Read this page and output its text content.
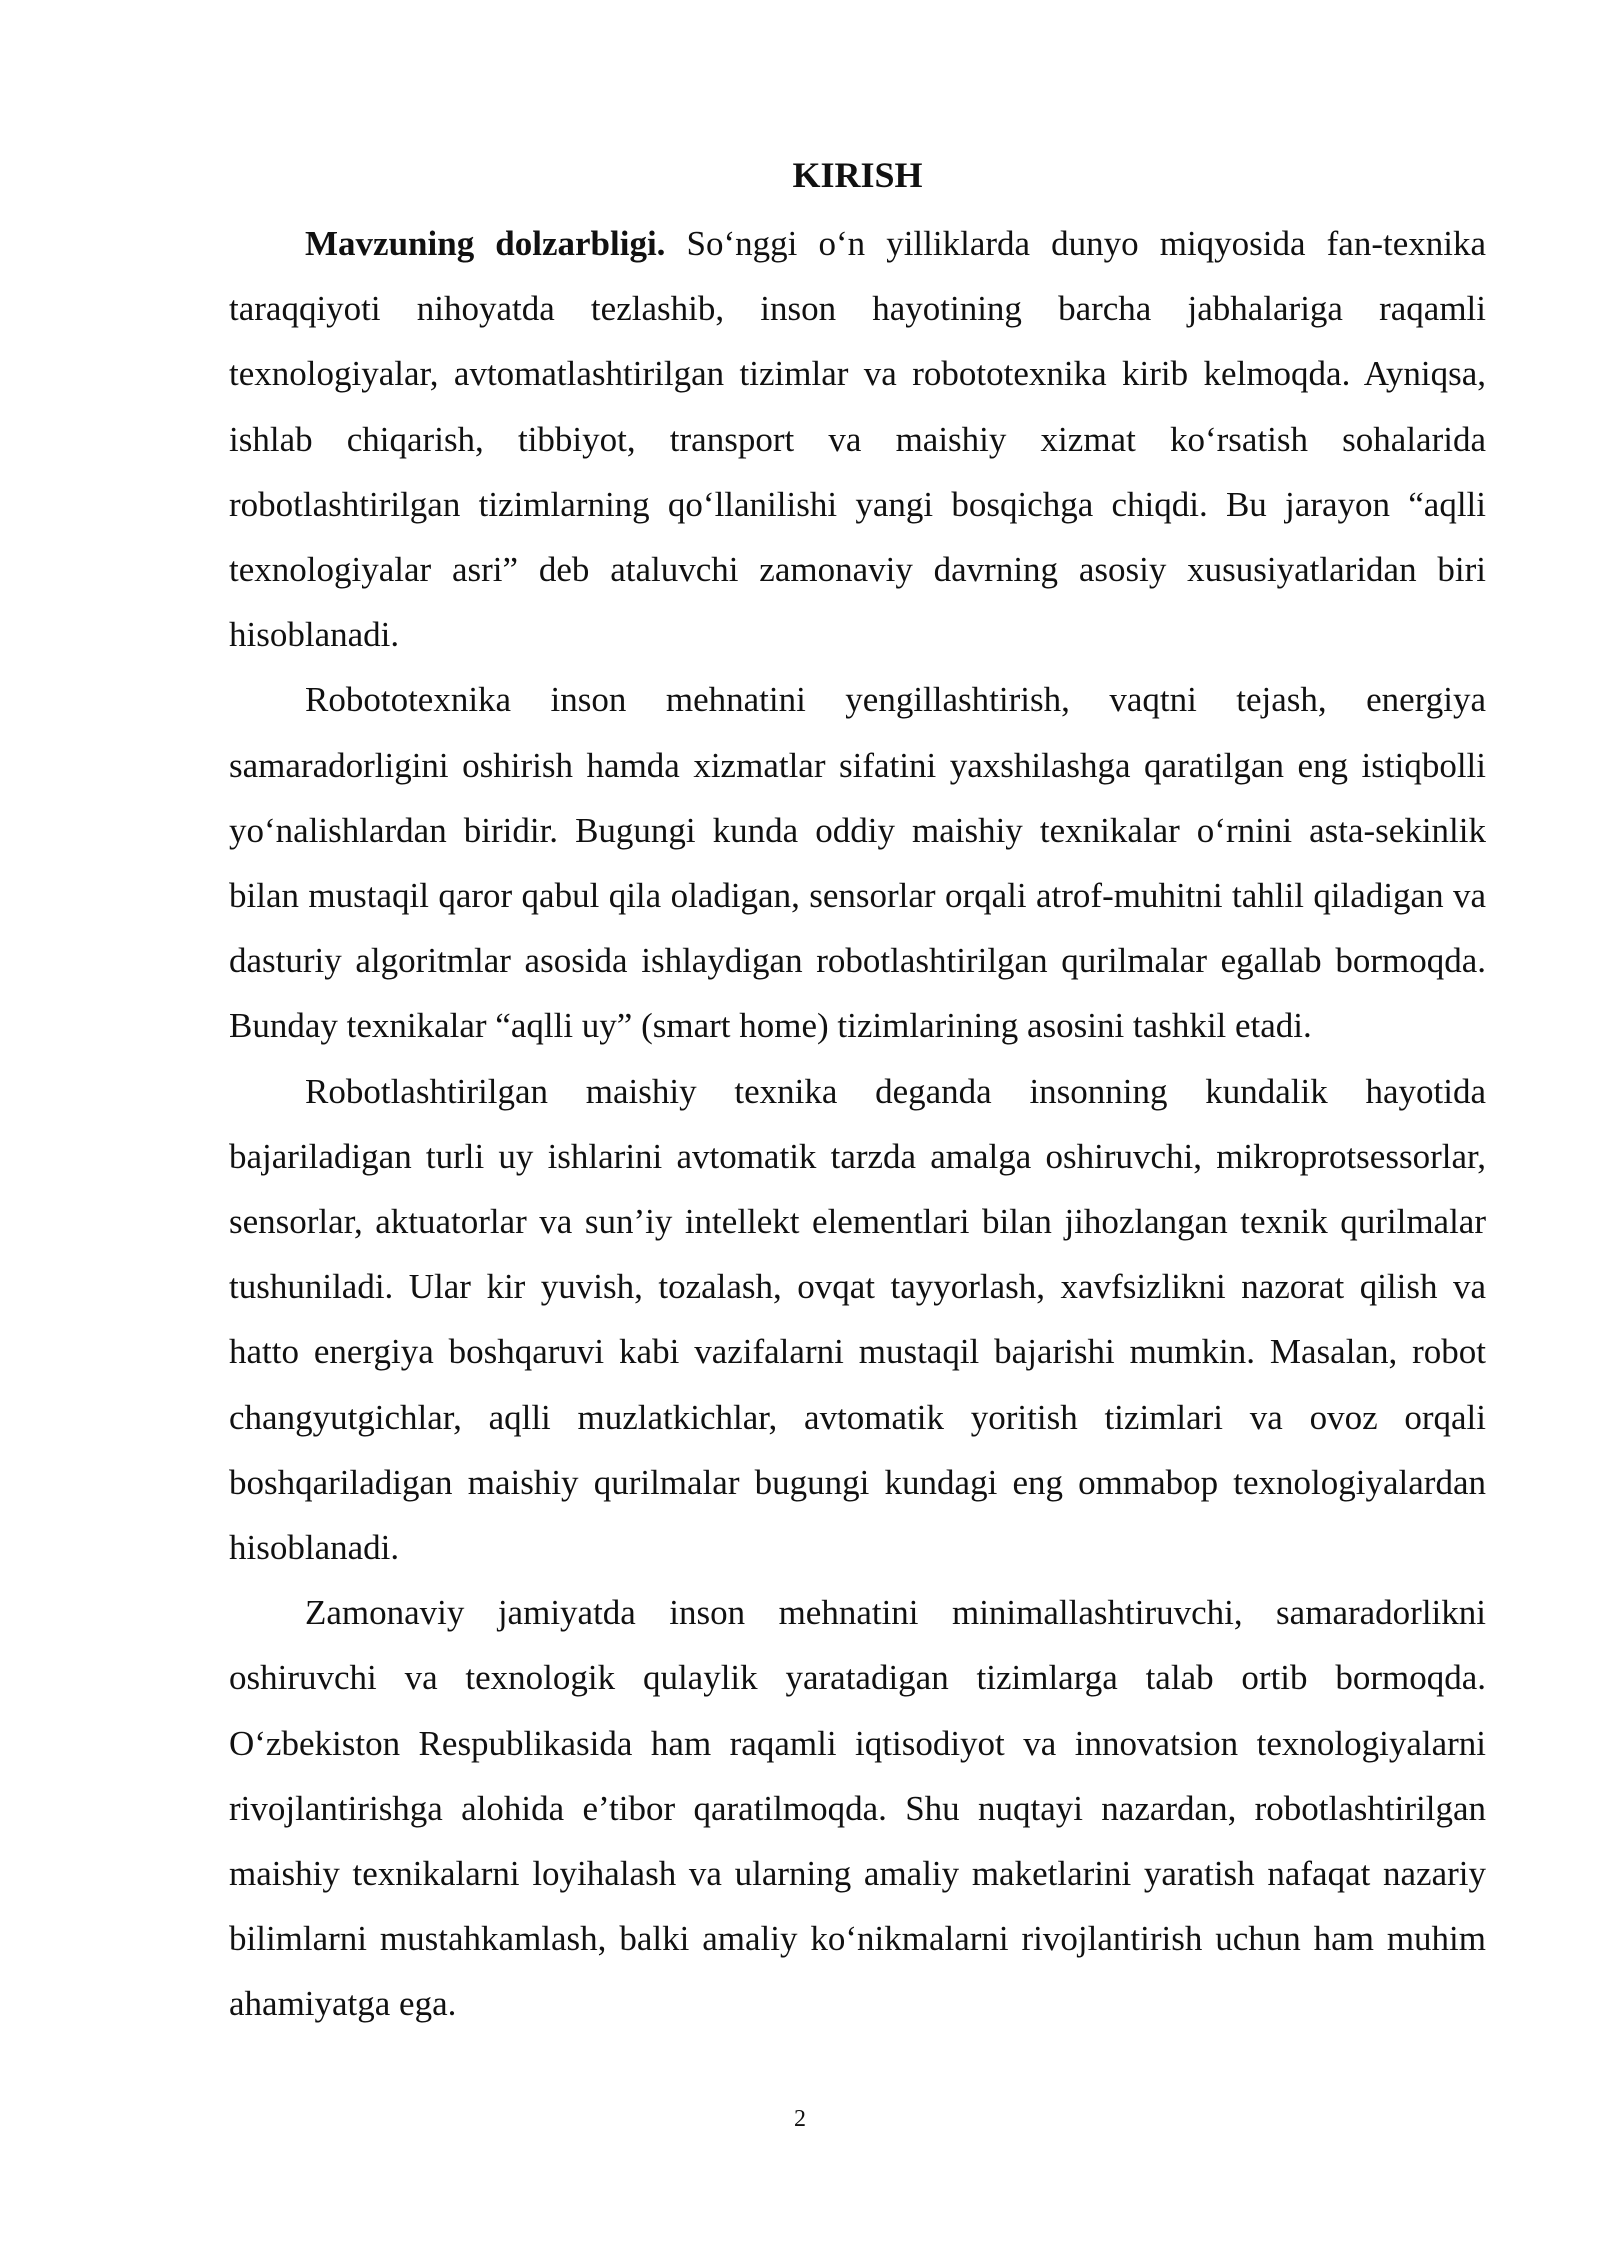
KIRISH

Mavzuning dolzarbligi. So‘nggi o‘n yilliklarda dunyo miqyosida fan-texnika taraqqiyoti nihoyatda tezlashib, inson hayotining barcha jabhalariga raqamli texnologiyalar, avtomatlashtirilgan tizimlar va robototexnika kirib kelmoqda. Ayniqsa, ishlab chiqarish, tibbiyot, transport va maishiy xizmat ko‘rsatish sohalarida robotlashtirilgan tizimlarning qo‘llanilishi yangi bosqichga chiqdi. Bu jarayon “aqlli texnologiyalar asri” deb ataluvchi zamonaviy davrning asosiy xususiyatlaridan biri hisoblanadi.

Robototexnika inson mehnatini yengillashtirish, vaqtni tejash, energiya samaradorligini oshirish hamda xizmatlar sifatini yaxshilashga qaratilgan eng istiqbolli yo‘nalishlardan biridir. Bugungi kunda oddiy maishiy texnikalar o‘rnini asta-sekinlik bilan mustaqil qaror qabul qila oladigan, sensorlar orqali atrof-muhitni tahlil qiladigan va dasturiy algoritmlar asosida ishlaydigan robotlashtirilgan qurilmalar egallab bormoqda. Bunday texnikalar “aqlli uy” (smart home) tizimlarining asosini tashkil etadi.

Robotlashtirilgan maishiy texnika deganda insonning kundalik hayotida bajariladigan turli uy ishlarini avtomatik tarzda amalga oshiruvchi, mikroprotsessorlar, sensorlar, aktuatorlar va sun’iy intellekt elementlari bilan jihozlangan texnik qurilmalar tushuniladi. Ular kir yuvish, tozalash, ovqat tayyorlash, xavfsizlikni nazorat qilish va hatto energiya boshqaruvi kabi vazifalarni mustaqil bajarishi mumkin. Masalan, robot changyutgichlar, aqlli muzlatkichlar, avtomatik yoritish tizimlari va ovoz orqali boshqariladigan maishiy qurilmalar bugungi kundagi eng ommabop texnologiyalardan hisoblanadi.

Zamonaviy jamiyatda inson mehnatini minimallashtiruvchi, samaradorlikni oshiruvchi va texnologik qulaylik yaratadigan tizimlarga talab ortib bormoqda. O‘zbekiston Respublikasida ham raqamli iqtisodiyot va innovatsion texnologiyalarni rivojlantirishga alohida e’tibor qaratilmoqda. Shu nuqtayi nazardan, robotlashtirilgan maishiy texnikalarni loyihalash va ularning amaliy maketlarini yaratish nafaqat nazariy bilimlarni mustahkamlash, balki amaliy ko‘nikmalarni rivojlantirish uchun ham muhim ahamiyatga ega.

2
